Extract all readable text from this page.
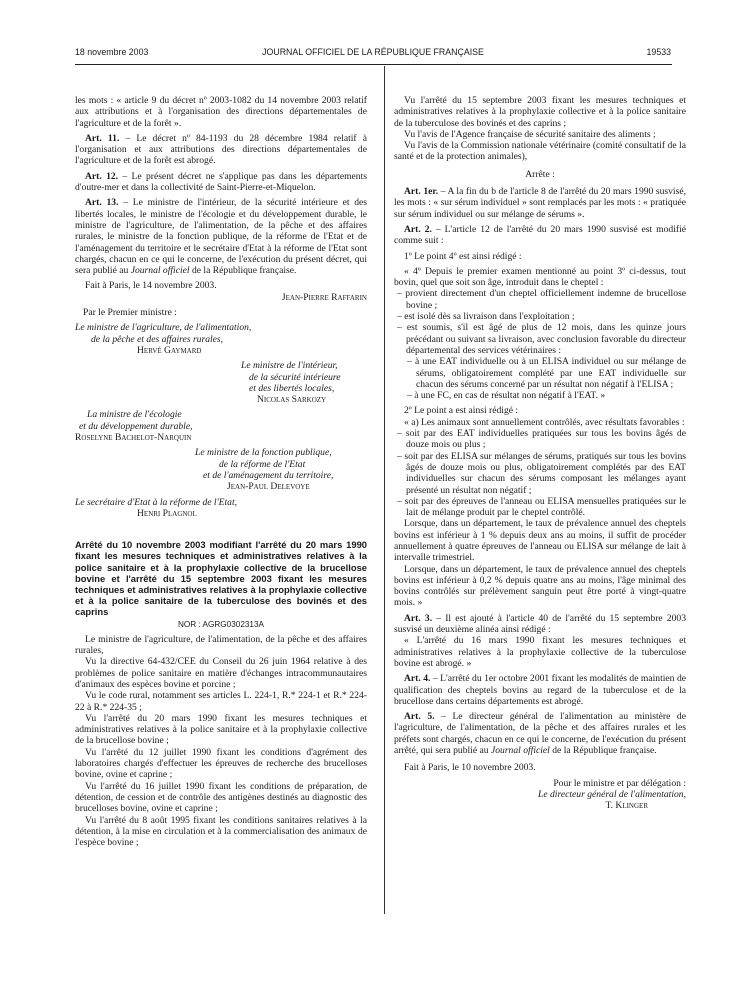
18 novembre 2003	JOURNAL OFFICIEL DE LA RÉPUBLIQUE FRANÇAISE	19533

les mots : « article 9 du décret nº 2003-1082 du 14 novembre 2003 relatif aux attributions et à l'organisation des directions départementales de l'agriculture et de la forêt ».

Art. 11. – Le décret nº 84-1193 du 28 décembre 1984 relatif à l'organisation et aux attributions des directions départementales de l'agriculture et de la forêt est abrogé.

Art. 12. – Le présent décret ne s'applique pas dans les départements d'outre-mer et dans la collectivité de Saint-Pierre-et-Miquelon.

Art. 13. – Le ministre de l'intérieur, de la sécurité intérieure et des libertés locales, le ministre de l'écologie et du développement durable, le ministre de l'agriculture, de l'alimentation, de la pêche et des affaires rurales, le ministre de la fonction publique, de la réforme de l'Etat et de l'aménagement du territoire et le secrétaire d'Etat à la réforme de l'Etat sont chargés, chacun en ce qui le concerne, de l'exécution du présent décret, qui sera publié au Journal officiel de la République française.

Fait à Paris, le 14 novembre 2003.

Jean-Pierre Raffarin

Par le Premier ministre :

Le ministre de l'agriculture, de l'alimentation,

de la pêche et des affaires rurales,

Hervé Gaymard

Le ministre de l'intérieur,

de la sécurité intérieure

et des libertés locales,

Nicolas Sarkozy

La ministre de l'écologie

et du développement durable,

Roselyne Bachelot-Narquin

Le ministre de la fonction publique,

de la réforme de l'Etat

et de l'aménagement du territoire,

Jean-Paul Delevoye

Le secrétaire d'Etat à la réforme de l'Etat,

Henri Plagnol

Arrêté du 10 novembre 2003 modifiant l'arrêté du 20 mars 1990 fixant les mesures techniques et administratives relatives à la police sanitaire et à la prophylaxie collective de la brucellose bovine et l'arrêté du 15 septembre 2003 fixant les mesures techniques et administratives relatives à la prophylaxie collective et à la police sanitaire de la tuberculose des bovinés et des caprins

NOR : AGRG0302313A

Le ministre de l'agriculture, de l'alimentation, de la pêche et des affaires rurales,

Vu la directive 64-432/CEE du Conseil du 26 juin 1964 relative à des problèmes de police sanitaire en matière d'échanges intracommunautaires d'animaux des espèces bovine et porcine ;

Vu le code rural, notamment ses articles L. 224-1, R.* 224-1 et R.* 224-22 à R.* 224-35 ;

Vu l'arrêté du 20 mars 1990 fixant les mesures techniques et administratives relatives à la police sanitaire et à la prophylaxie collective de la brucellose bovine ;

Vu l'arrêté du 12 juillet 1990 fixant les conditions d'agrément des laboratoires chargés d'effectuer les épreuves de recherche des brucelloses bovine, ovine et caprine ;

Vu l'arrêté du 16 juillet 1990 fixant les conditions de préparation, de détention, de cession et de contrôle des antigènes destinés au diagnostic des brucelloses bovine, ovine et caprine ;

Vu l'arrêté du 8 août 1995 fixant les conditions sanitaires relatives à la détention, à la mise en circulation et à la commercialisation des animaux de l'espèce bovine ;

Vu l'arrêté du 15 septembre 2003 fixant les mesures techniques et administratives relatives à la prophylaxie collective et à la police sanitaire de la tuberculose des bovinés et des caprins ;

Vu l'avis de l'Agence française de sécurité sanitaire des aliments ;

Vu l'avis de la Commission nationale vétérinaire (comité consultatif de la santé et de la protection animales),

Arrête :

Art. 1er. – A la fin du b de l'article 8 de l'arrêté du 20 mars 1990 susvisé, les mots : « sur sérum individuel » sont remplacés par les mots : « pratiquée sur sérum individuel ou sur mélange de sérums ».

Art. 2. – L'article 12 de l'arrêté du 20 mars 1990 susvisé est modifié comme suit :

1º Le point 4º est ainsi rédigé :

« 4º Depuis le premier examen mentionné au point 3º ci-dessus, tout bovin, quel que soit son âge, introduit dans le cheptel :

– provient directement d'un cheptel officiellement indemne de brucellose bovine ;

– est isolé dès sa livraison dans l'exploitation ;

– est soumis, s'il est âgé de plus de 12 mois, dans les quinze jours précédant ou suivant sa livraison, avec conclusion favorable du directeur départemental des services vétérinaires :

– à une EAT individuelle ou à un ELISA individuel ou sur mélange de sérums, obligatoirement complété par une EAT individuelle sur chacun des sérums concerné par un résultat non négatif à l'ELISA ;

– à une FC, en cas de résultat non négatif à l'EAT. »

2º Le point a est ainsi rédigé :

« a) Les animaux sont annuellement contrôlés, avec résultats favorables :

– soit par des EAT individuelles pratiquées sur tous les bovins âgés de douze mois ou plus ;

– soit par des ELISA sur mélanges de sérums, pratiqués sur tous les bovins âgés de douze mois ou plus, obligatoirement complétés par des EAT individuelles sur chacun des sérums composant les mélanges ayant présenté un résultat non négatif ;

– soit par des épreuves de l'anneau ou ELISA mensuelles pratiquées sur le lait de mélange produit par le cheptel contrôlé.

Lorsque, dans un département, le taux de prévalence annuel des cheptels bovins est inférieur à 1 % depuis deux ans au moins, il suffit de procéder annuellement à quatre épreuves de l'anneau ou ELISA sur mélange de lait à intervalle trimestriel.

Lorsque, dans un département, le taux de prévalence annuel des cheptels bovins est inférieur à 0,2 % depuis quatre ans au moins, l'âge minimal des bovins contrôlés sur prélèvement sanguin peut être porté à vingt-quatre mois. »

Art. 3. – Il est ajouté à l'article 40 de l'arrêté du 15 septembre 2003 susvisé un deuxième alinéa ainsi rédigé :

« L'arrêté du 16 mars 1990 fixant les mesures techniques et administratives relatives à la prophylaxie collective de la tuberculose bovine est abrogé. »

Art. 4. – L'arrêté du 1er octobre 2001 fixant les modalités de maintien de qualification des cheptels bovins au regard de la tuberculose et de la brucellose dans certains départements est abrogé.

Art. 5. – Le directeur général de l'alimentation au ministère de l'agriculture, de l'alimentation, de la pêche et des affaires rurales et les préfets sont chargés, chacun en ce qui le concerne, de l'exécution du présent arrêté, qui sera publié au Journal officiel de la République française.

Fait à Paris, le 10 novembre 2003.

Pour le ministre et par délégation :

Le directeur général de l'alimentation,

T. Klinger
